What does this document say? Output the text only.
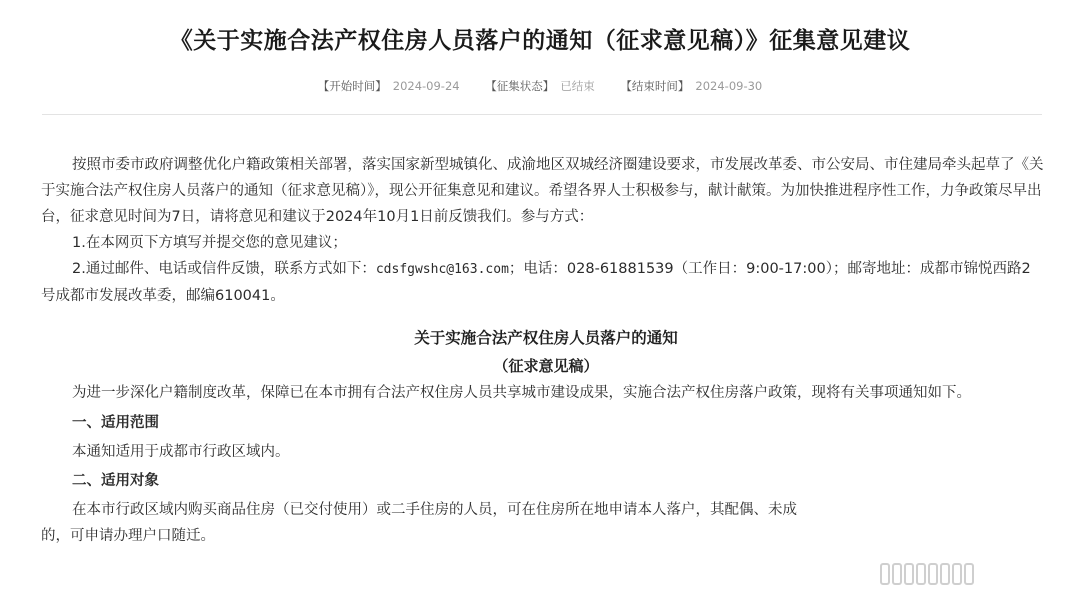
《关于实施合法产权住房人员落户的通知（征求意见稿）》征集意见建议
【开始时间】 2024-09-24 【征集状态】 已结束 【结束时间】 2024-09-30

按照市委市政府调整优化户籍政策相关部署，落实国家新型城镇化、成渝地区双城经济圈建设要求，市发展改革委、市公安局、市住建局牵头起草了《关于实施合法产权住房人员落户的通知（征求意见稿）》，现公开征集意见和建议。希望各界人士积极参与，献计献策。为加快推进程序性工作，力争政策尽早出台，征求意见时间为7日，请将意见和建议于2024年10月1日前反馈我们。参与方式：

1.在本网页下方填写并提交您的意见建议；

2.通过邮件、电话或信件反馈，联系方式如下：cdsfgwshc@163.com；电话：028-61881539（工作日：9:00-17:00）；邮寄地址：成都市锦悦西路2

号成都市发展改革委，邮编610041。

关于实施合法产权住房人员落户的通知

（征求意见稿）

为进一步深化户籍制度改革，保障已在本市拥有合法产权住房人员共享城市建设成果，实施合法产权住房落户政策，现将有关事项通知如下。

一、适用范围

本通知适用于成都市行政区域内。

二、适用对象

在本市行政区域内购买商品住房（已交付使用）或二手住房的人员，可在住房所在地申请本人落户，其配偶、未成

的，可申请办理户口随迁。
